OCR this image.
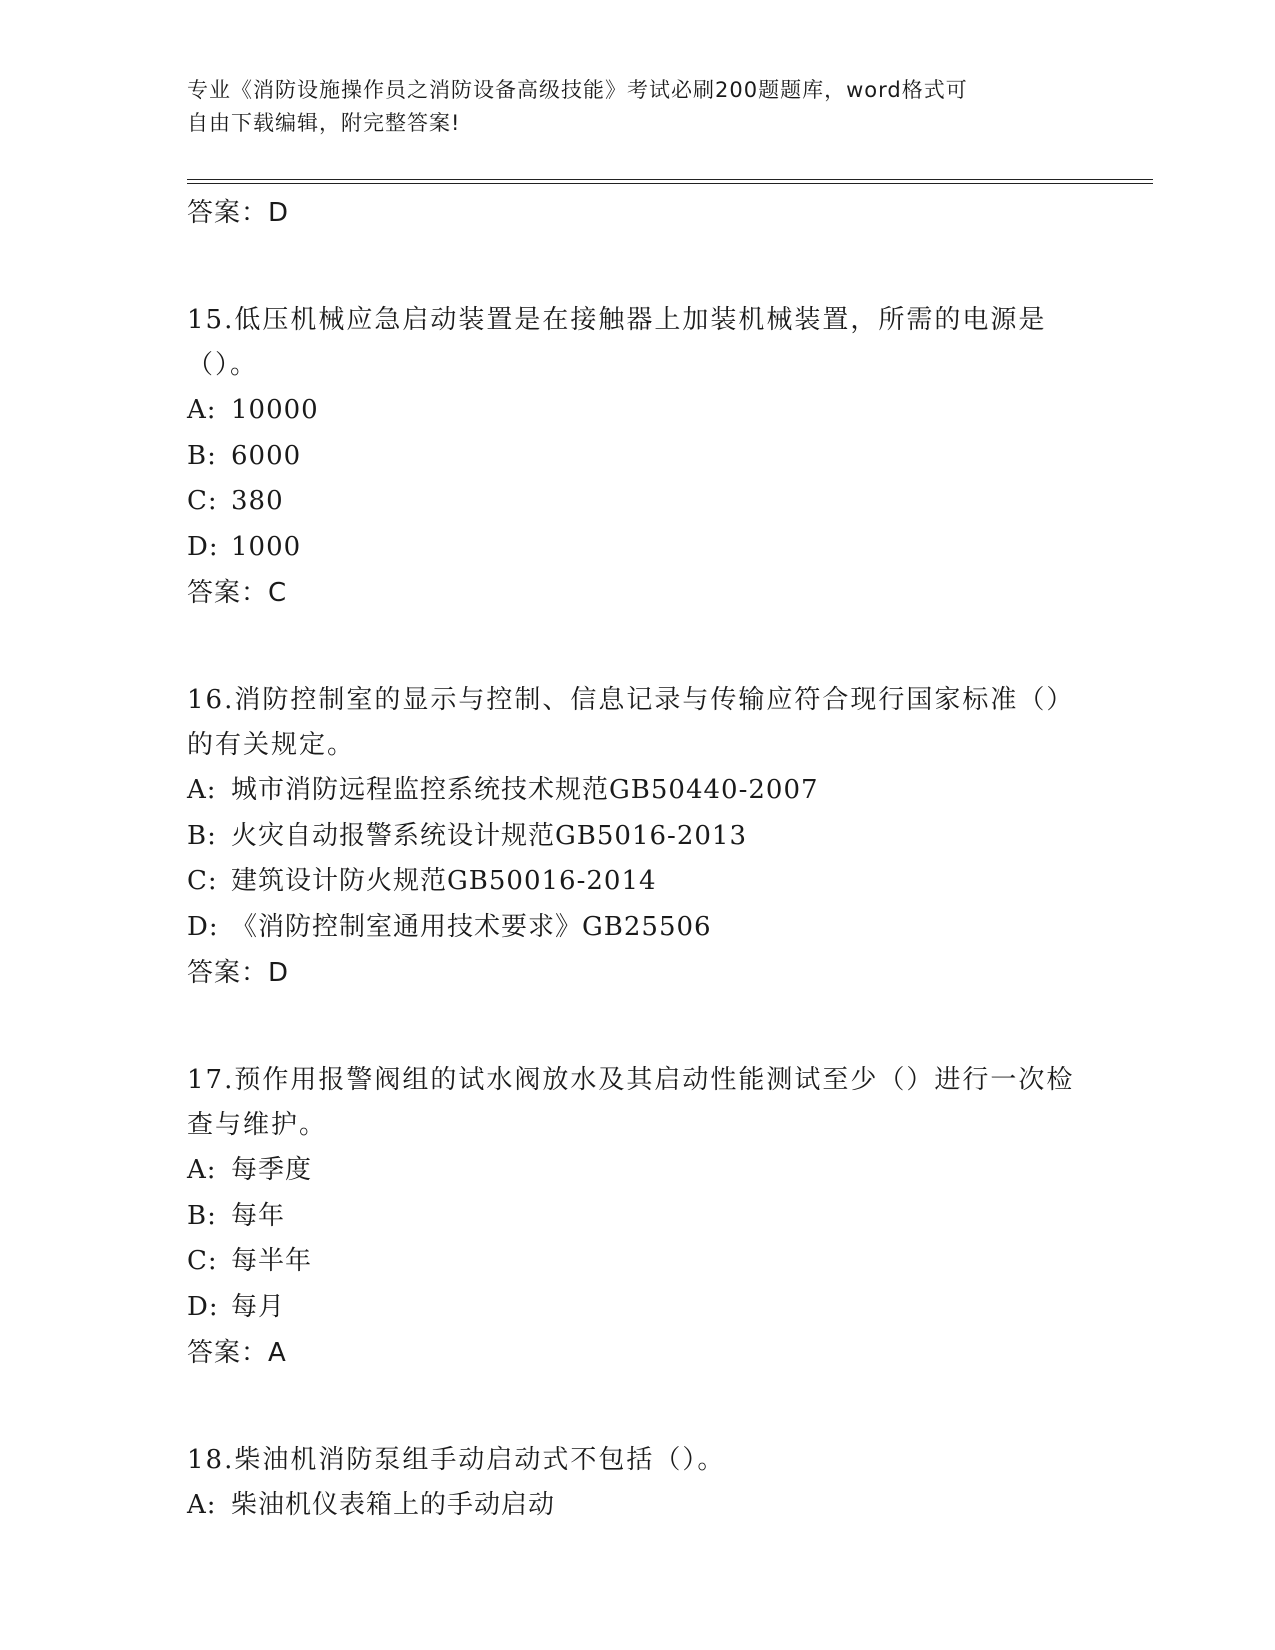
专业《消防设施操作员之消防设备高级技能》考试必刷200题题库，word格式可
自由下载编辑，附完整答案!
答案：D
15.低压机械应急启动装置是在接触器上加装机械装置，所需的电源是（）。
A: 10000
B: 6000
C: 380
D: 1000
答案：C
16.消防控制室的显示与控制、信息记录与传输应符合现行国家标准（）的有关规定。
A: 城市消防远程监控系统技术规范GB50440-2007
B: 火灾自动报警系统设计规范GB5016-2013
C: 建筑设计防火规范GB50016-2014
D: 《消防控制室通用技术要求》GB25506
答案：D
17.预作用报警阀组的试水阀放水及其启动性能测试至少（）进行一次检查与维护。
A: 每季度
B: 每年
C: 每半年
D: 每月
答案：A
18.柴油机消防泵组手动启动式不包括（）。
A: 柴油机仪表箱上的手动启动
